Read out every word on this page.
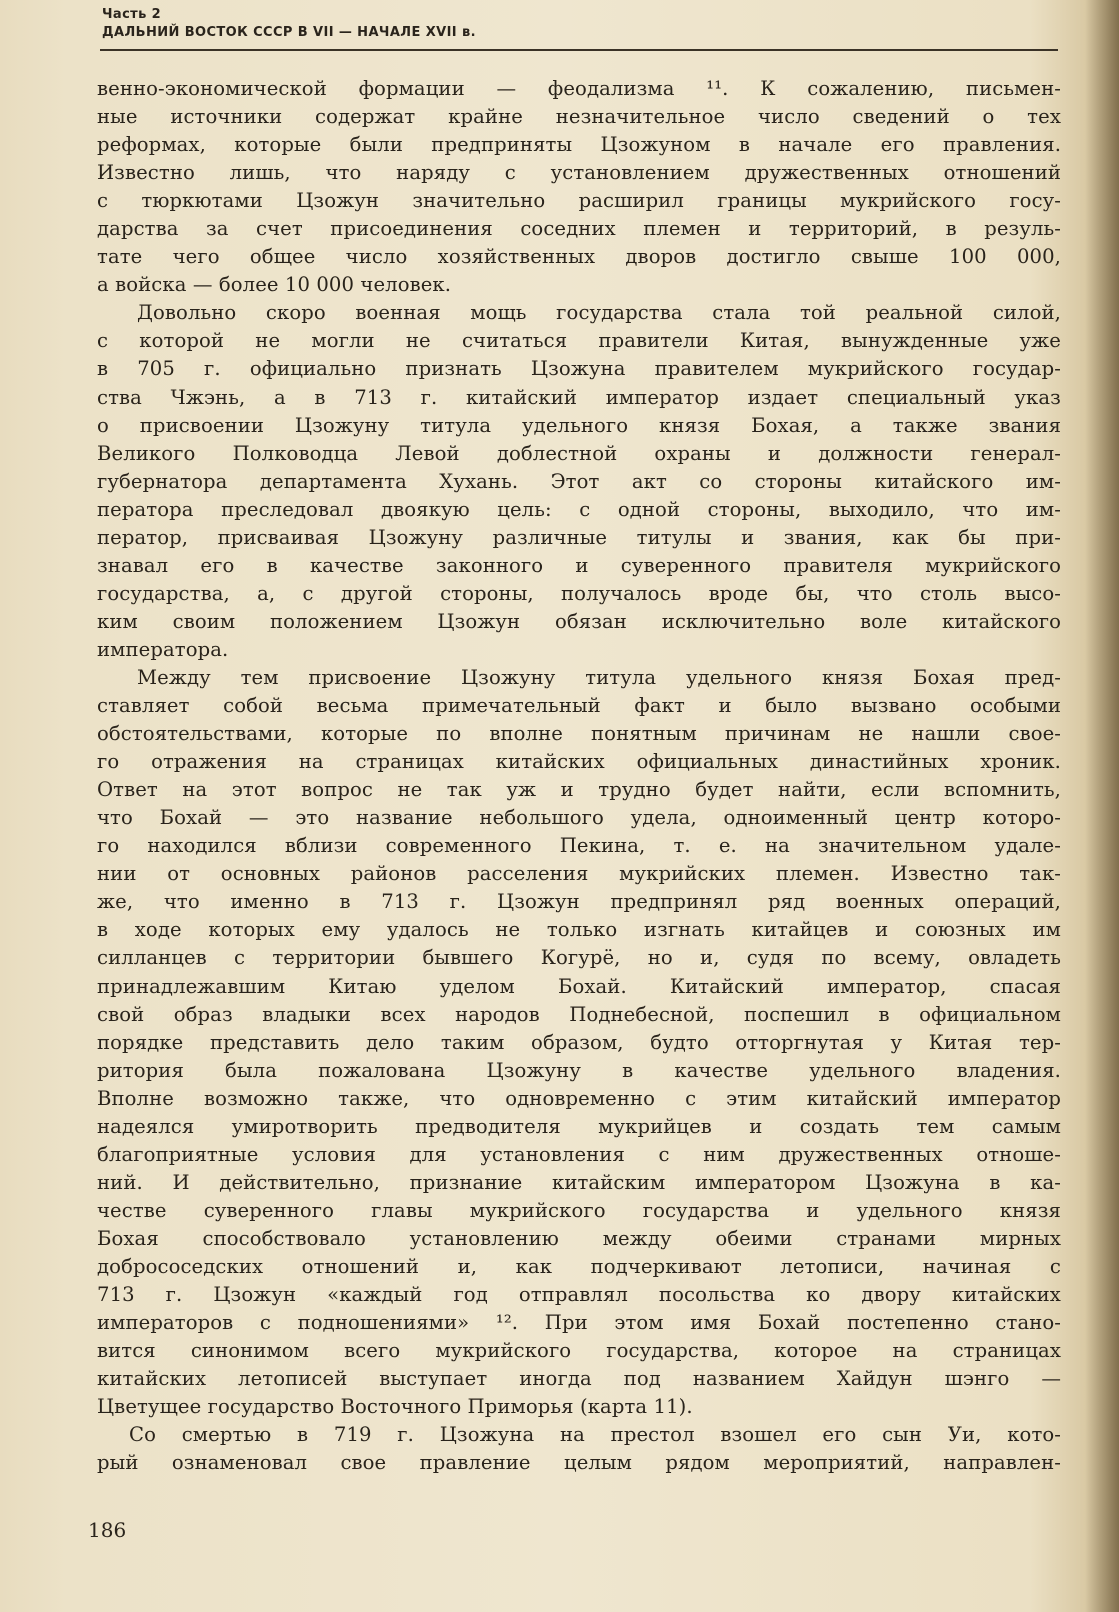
Часть 2
ДАЛЬНИЙ ВОСТОК СССР В VII — НАЧАЛЕ XVII в.
венно-экономической формации — феодализма ¹¹. К сожалению, письмен-
ные источники содержат крайне незначительное число сведений о тех
реформах, которые были предприняты Цзожуном в начале его правления.
Известно лишь, что наряду с установлением дружественных отношений
с тюркютами Цзожун значительно расширил границы мукрийского госу-
дарства за счет присоединения соседних племен и территорий, в резуль-
тате чего общее число хозяйственных дворов достигло свыше 100 000,
а войска — более 10 000 человек.
Довольно скоро военная мощь государства стала той реальной силой,
с которой не могли не считаться правители Китая, вынужденные уже
в 705 г. официально признать Цзожуна правителем мукрийского государ-
ства Чжэнь, а в 713 г. китайский император издает специальный указ
о присвоении Цзожуну титула удельного князя Бохая, а также звания
Великого Полководца Левой доблестной охраны и должности генерал-
губернатора департамента Хухань. Этот акт со стороны китайского им-
ператора преследовал двоякую цель: с одной стороны, выходило, что им-
ператор, присваивая Цзожуну различные титулы и звания, как бы при-
знавал его в качестве законного и суверенного правителя мукрийского
государства, а, с другой стороны, получалось вроде бы, что столь высо-
ким своим положением Цзожун обязан исключительно воле китайского
императора.
Между тем присвоение Цзожуну титула удельного князя Бохая пред-
ставляет собой весьма примечательный факт и было вызвано особыми
обстоятельствами, которые по вполне понятным причинам не нашли свое-
го отражения на страницах китайских официальных династийных хроник.
Ответ на этот вопрос не так уж и трудно будет найти, если вспомнить,
что Бохай — это название небольшого удела, одноименный центр которо-
го находился вблизи современного Пекина, т. е. на значительном удале-
нии от основных районов расселения мукрийских племен. Известно так-
же, что именно в 713 г. Цзожун предпринял ряд военных операций,
в ходе которых ему удалось не только изгнать китайцев и союзных им
силланцев с территории бывшего Когурё, но и, судя по всему, овладеть
принадлежавшим Китаю уделом Бохай. Китайский император, спасая
свой образ владыки всех народов Поднебесной, поспешил в официальном
порядке представить дело таким образом, будто отторгнутая у Китая тер-
ритория была пожалована Цзожуну в качестве удельного владения.
Вполне возможно также, что одновременно с этим китайский император
надеялся умиротворить предводителя мукрийцев и создать тем самым
благоприятные условия для установления с ним дружественных отноше-
ний. И действительно, признание китайским императором Цзожуна в ка-
честве суверенного главы мукрийского государства и удельного князя
Бохая способствовало установлению между обеими странами мирных
добрососедских отношений и, как подчеркивают летописи, начиная с
713 г. Цзожун «каждый год отправлял посольства ко двору китайских
императоров с подношениями» ¹². При этом имя Бохай постепенно стано-
вится синонимом всего мукрийского государства, которое на страницах
китайских летописей выступает иногда под названием Хайдун шэнго —
Цветущее государство Восточного Приморья (карта 11).
Со смертью в 719 г. Цзожуна на престол взошел его сын Уи, кото-
рый ознаменовал свое правление целым рядом мероприятий, направлен-
186
